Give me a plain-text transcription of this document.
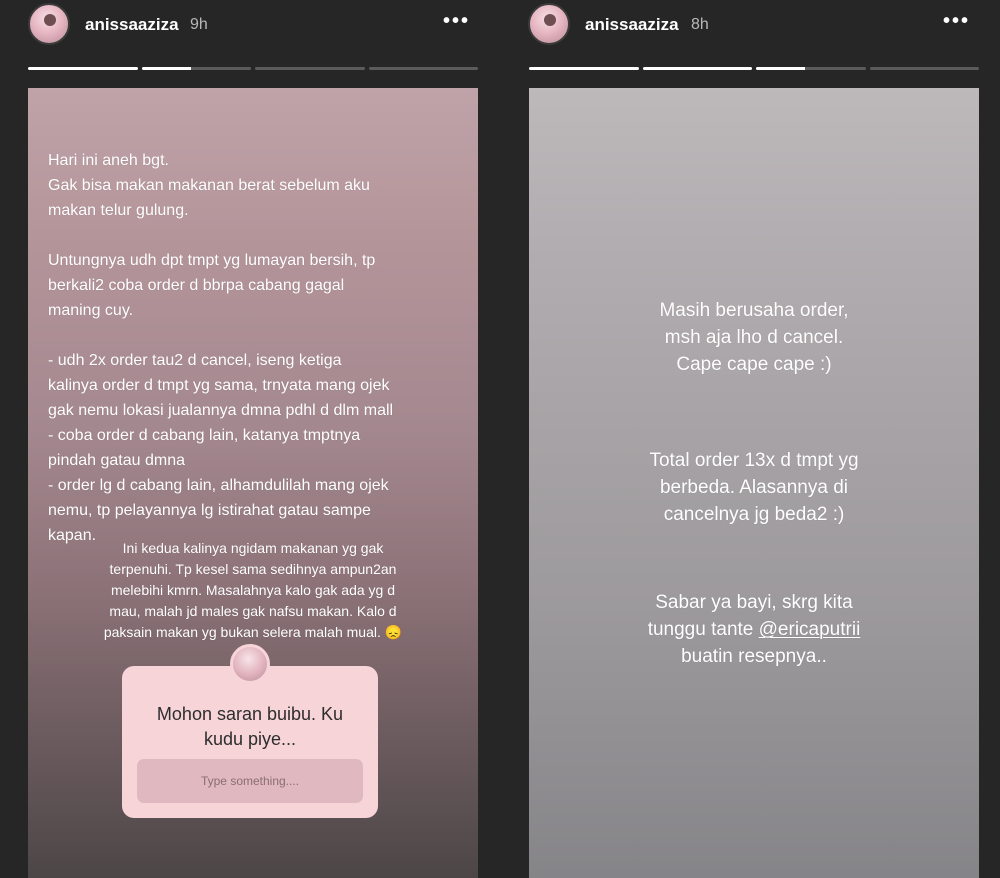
anissaaziza 9h	•••
Hari ini aneh bgt.
Gak bisa makan makanan berat sebelum aku
makan telur gulung.

Untungnya udh dpt tmpt yg lumayan bersih, tp
berkali2 coba order d bbrpa cabang gagal
maning cuy.

- udh 2x order tau2 d cancel, iseng ketiga
kalinya order d tmpt yg sama, trnyata mang ojek
gak nemu lokasi jualannya dmna pdhl d dlm mall
- coba order d cabang lain, katanya tmptnya
pindah gatau dmna
- order lg d cabang lain, alhamdulilah mang ojek
nemu, tp pelayannya lg istirahat gatau sampe
kapan.
Ini kedua kalinya ngidam makanan yg gak
terpenuhi. Tp kesel sama sedihnya ampun2an
melebihi kmrn. Masalahnya kalo gak ada yg d
mau, malah jd males gak nafsu makan. Kalo d
paksain makan yg bukan selera malah mual. 😞
Mohon saran buibu. Ku
kudu piye...
Type something....
anissaaziza 8h	•••
Masih berusaha order,
msh aja lho d cancel.
Cape cape cape :)
Total order 13x d tmpt yg
berbeda. Alasannya di
cancelnya jg beda2 :)
Sabar ya bayi, skrg kita
tunggu tante @ericaputrii
buatin resepnya..
